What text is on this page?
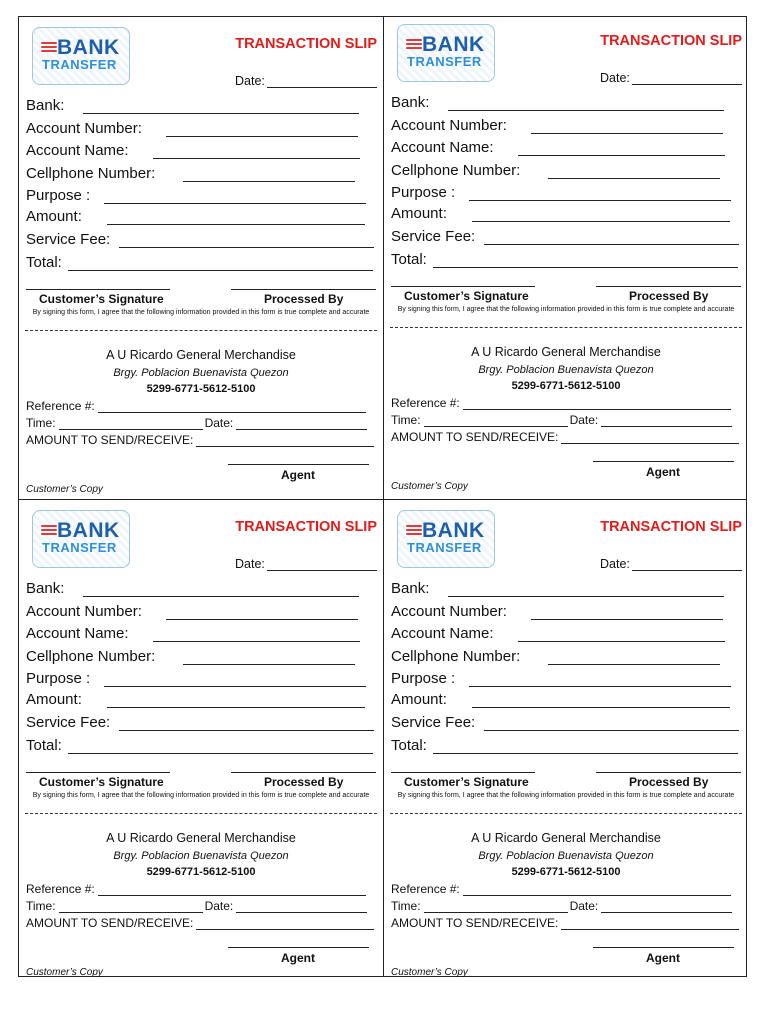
BANK
TRANSFER
TRANSACTION SLIP
Date:
Bank:
Account Number:
Account Name:
Cellphone Number:
Purpose :
Amount:
Service Fee:
Total:
Customer’s Signature	Processed By
By signing this form, I agree that the following information provided in this form is true complete and accurate
A U Ricardo General Merchandise
Brgy. Poblacion Buenavista Quezon
5299-6771-5612-5100
Reference #:
Time:	Date:
AMOUNT TO SEND/RECEIVE:
Agent
Customer’s Copy
BANK
TRANSFER
TRANSACTION SLIP
Date:
Bank:
Account Number:
Account Name:
Cellphone Number:
Purpose :
Amount:
Service Fee:
Total:
Customer’s Signature	Processed By
By signing this form, I agree that the following information provided in this form is true complete and accurate
A U Ricardo General Merchandise
Brgy. Poblacion Buenavista Quezon
5299-6771-5612-5100
Reference #:
Time:	Date:
AMOUNT TO SEND/RECEIVE:
Agent
Customer’s Copy
BANK
TRANSFER
TRANSACTION SLIP
Date:
Bank:
Account Number:
Account Name:
Cellphone Number:
Purpose :
Amount:
Service Fee:
Total:
Customer’s Signature	Processed By
By signing this form, I agree that the following information provided in this form is true complete and accurate
A U Ricardo General Merchandise
Brgy. Poblacion Buenavista Quezon
5299-6771-5612-5100
Reference #:
Time:	Date:
AMOUNT TO SEND/RECEIVE:
Agent
Customer’s Copy
BANK
TRANSFER
TRANSACTION SLIP
Date:
Bank:
Account Number:
Account Name:
Cellphone Number:
Purpose :
Amount:
Service Fee:
Total:
Customer’s Signature	Processed By
By signing this form, I agree that the following information provided in this form is true complete and accurate
A U Ricardo General Merchandise
Brgy. Poblacion Buenavista Quezon
5299-6771-5612-5100
Reference #:
Time:	Date:
AMOUNT TO SEND/RECEIVE:
Agent
Customer’s Copy
